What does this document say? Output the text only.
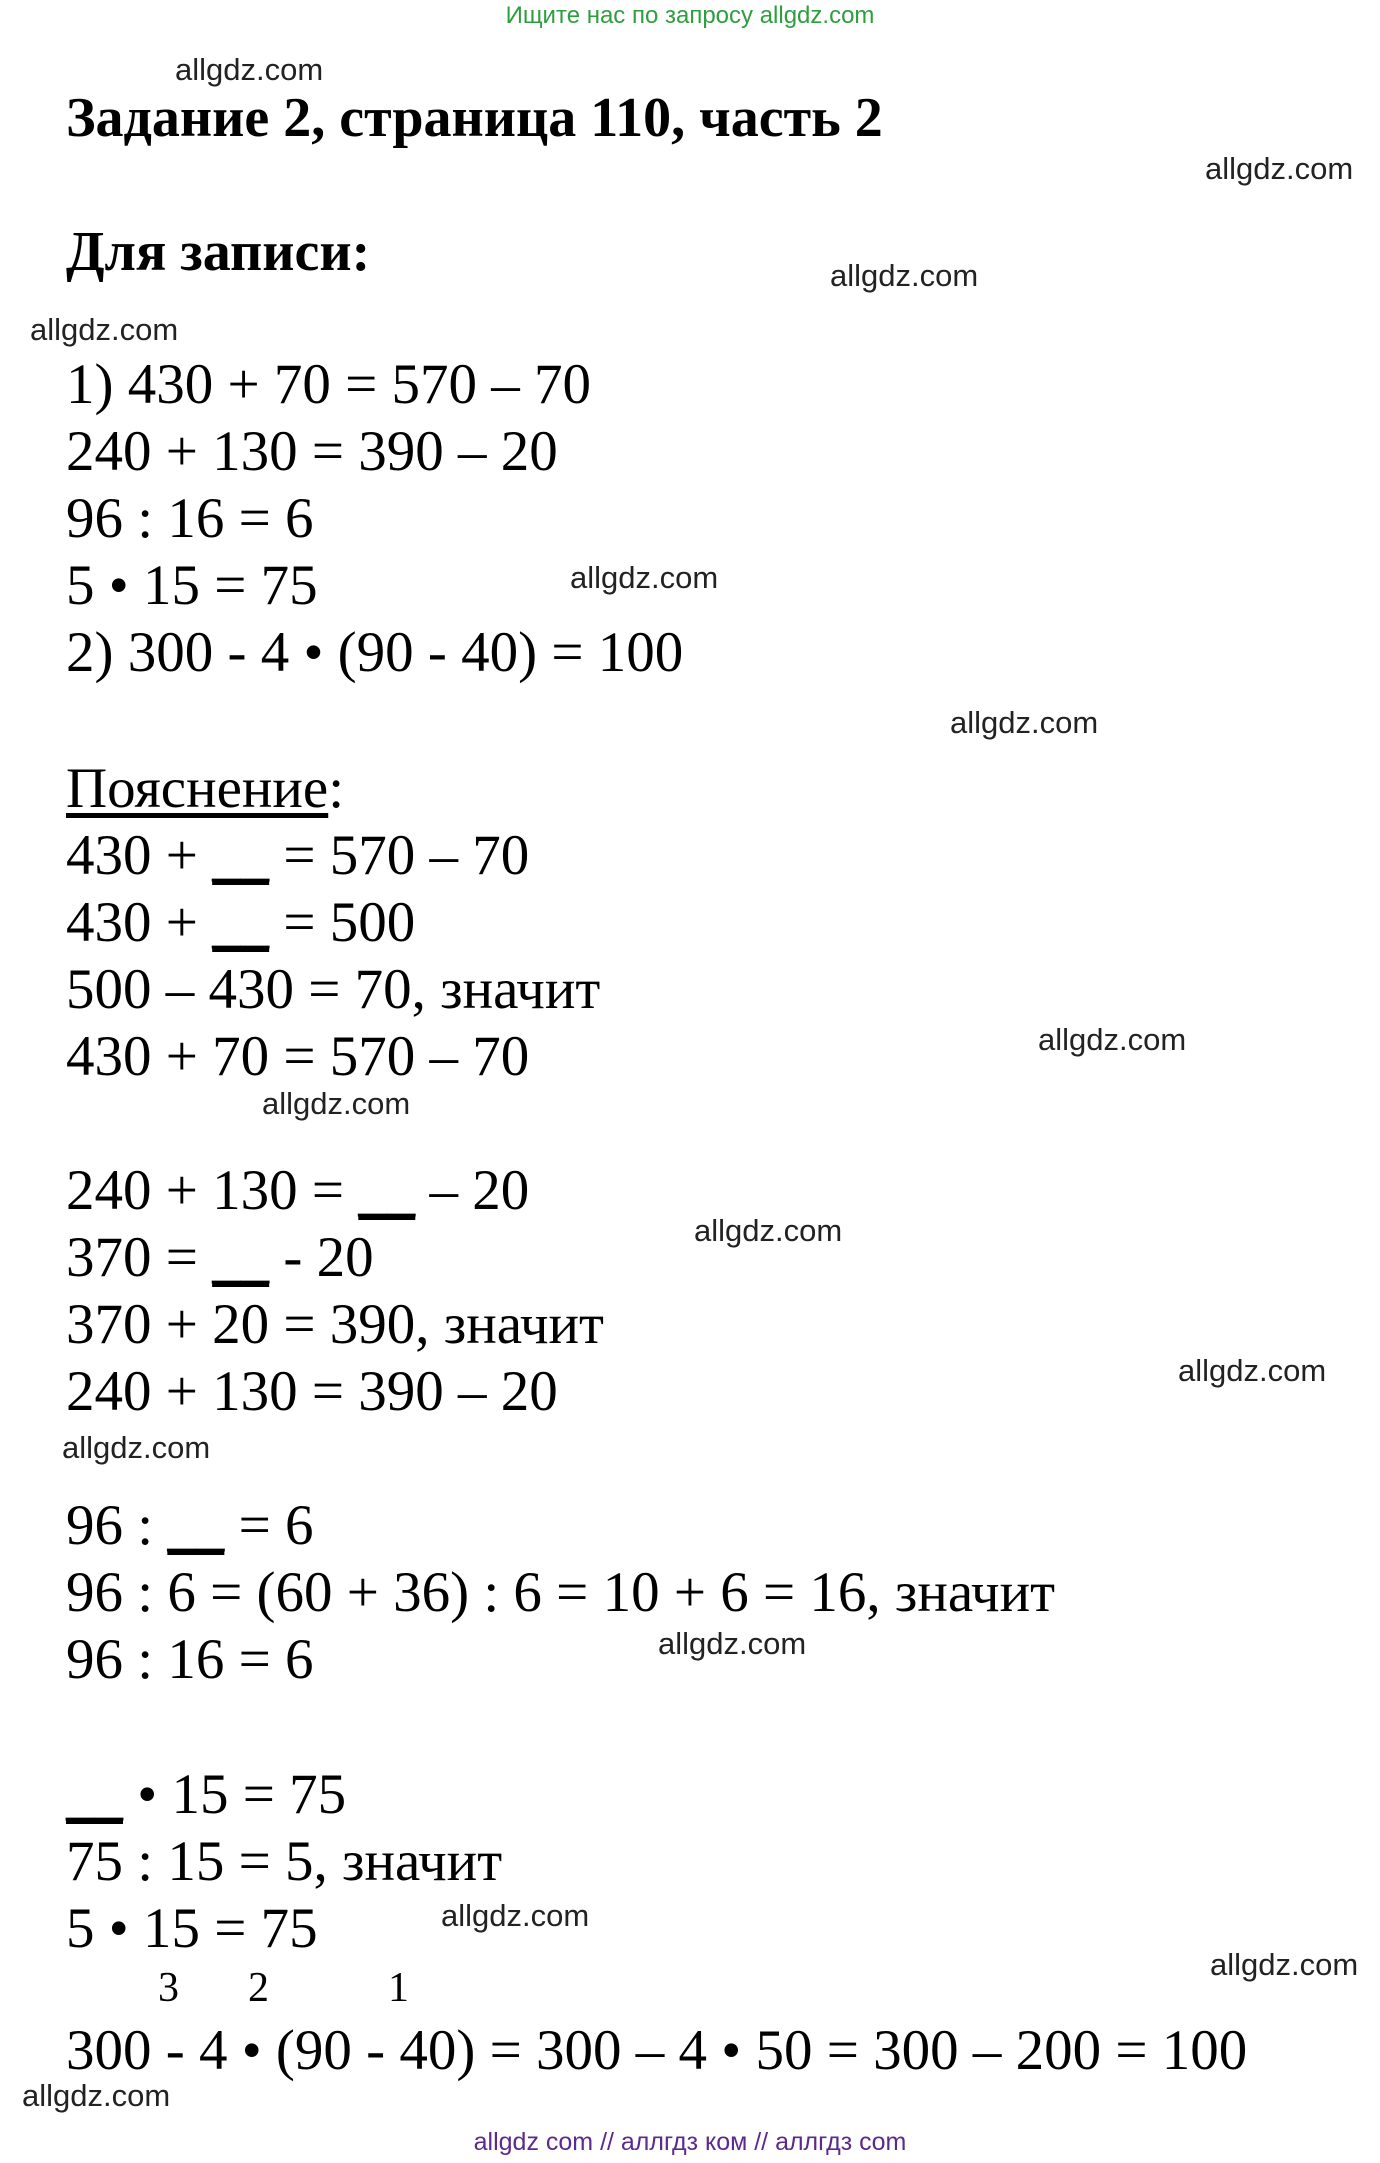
Ищите нас по запросу allgdz.com
allgdz.com
allgdz.com
allgdz.com
allgdz.com
allgdz.com
allgdz.com
allgdz.com
allgdz.com
allgdz.com
allgdz.com
allgdz.com
allgdz.com
allgdz.com
allgdz.com
allgdz.com
Задание 2, страница 110, часть 2
Для записи:
1) 430 + 70 = 570 – 70
240 + 130 = 390 – 20
96 : 16 = 6
5 • 15 = 75
2) 300 - 4 • (90 - 40) = 100
Пояснение:
430 + __ = 570 – 70
430 + __ = 500
500 – 430 = 70, значит
430 + 70 = 570 – 70
240 + 130 = __ – 20
370 = __ - 20
370 + 20 = 390, значит
240 + 130 = 390 – 20
96 : __ = 6
96 : 6 = (60 + 36) : 6 = 10 + 6 = 16, значит
96 : 16 = 6
__ • 15 = 75
75 : 15 = 5, значит
5 • 15 = 75
3 2	1
300 - 4 • (90 - 40) = 300 – 4 • 50 = 300 – 200 = 100
allgdz com // аллгдз ком // аллгдз com
